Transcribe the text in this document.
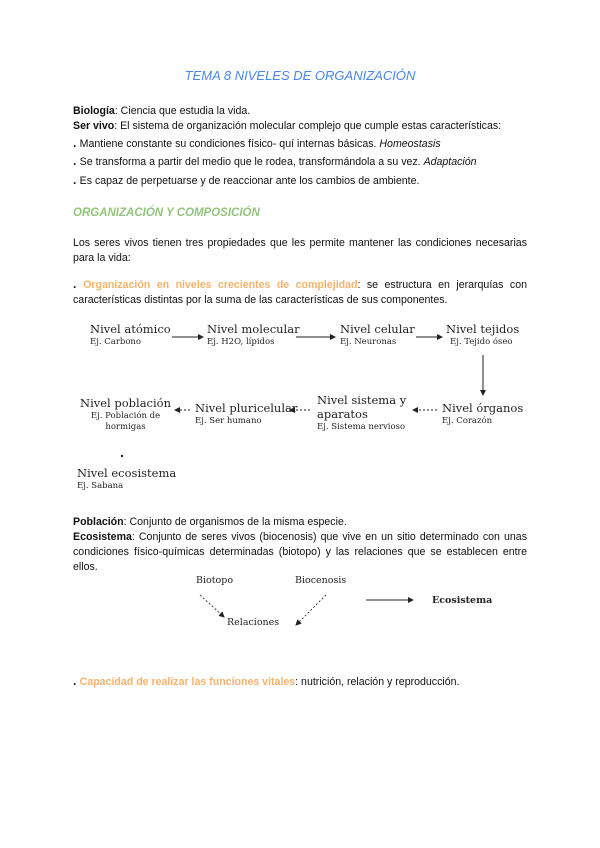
TEMA 8 NIVELES DE ORGANIZACIÓN
Biología: Ciencia que estudia la vida.
Ser vivo: El sistema de organización molecular complejo que cumple estas características:
. Mantiene constante su condiciones físico- quí internas básicas. Homeostasis
. Se transforma a partir del medio que le rodea, transformándola a su vez. Adaptación
. Es capaz de perpetuarse y de reaccionar ante los cambios de ambiente.
ORGANIZACIÓN Y COMPOSICIÓN
Los seres vivos tienen tres propiedades que les permite mantener las condiciones necesarias para la vida:
. Organización en niveles crecientes de complejidad: se estructura en jerarquías con características distintas por la suma de las características de sus componentes.
Nivel atómico
Ej. Carbono
Nivel molecular
Ej. H2O, lípidos
Nivel celular
Ej. Neuronas
Nivel tejidos
Ej. Tejido óseo
Nivel órganos
Ej. Corazón
Nivel sistema y
aparatos
Ej. Sistema nervioso
Nivel pluricelular
Ej. Ser humano
Nivel población
Ej. Población de
hormigas
Nivel ecosistema
Ej. Sabana
Población: Conjunto de organismos de la misma especie.
Ecosistema: Conjunto de seres vivos (biocenosis) que vive en un sitio determinado con unas condiciones físico-químicas determinadas (biotopo) y las relaciones que se establecen entre ellos.
Biotopo	Biocenosis
Relaciones
Ecosistema
. Capacidad de realizar las funciones vitales: nutrición, relación y reproducción.
